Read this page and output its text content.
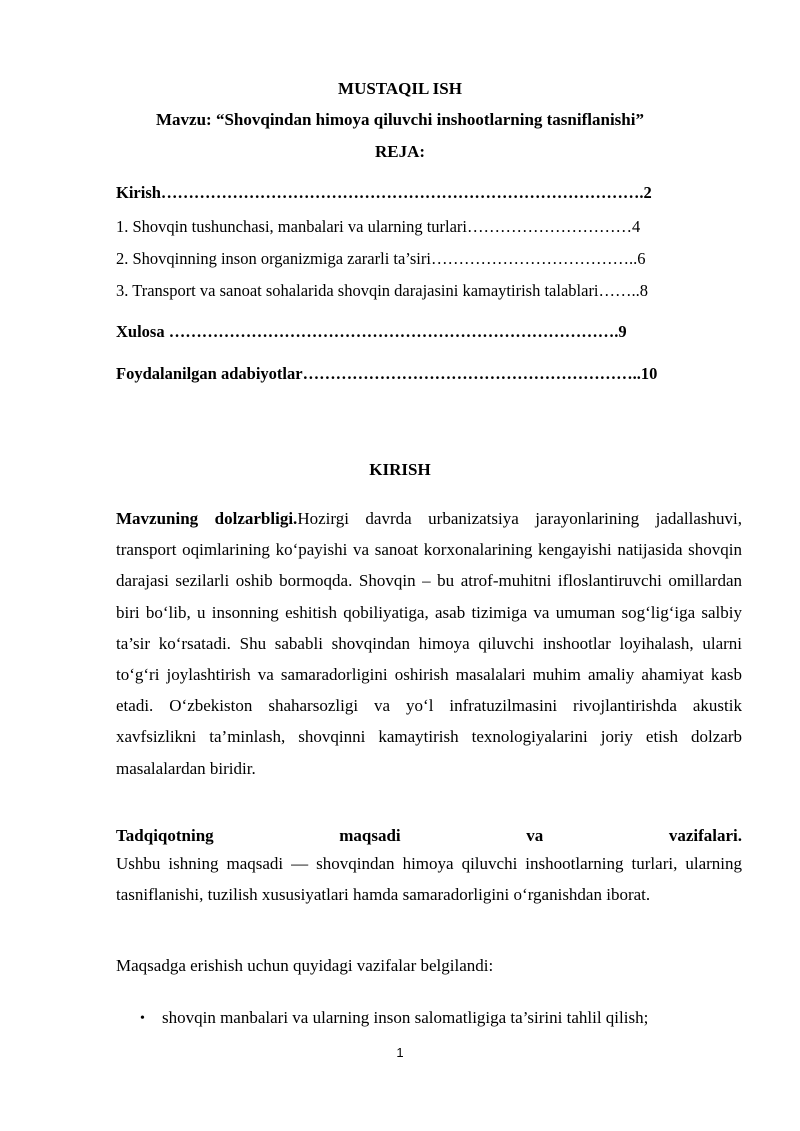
MUSTAQIL ISH
Mavzu: “Shovqindan himoya qiluvchi inshootlarning tasniflanishi”
REJA:
Kirish…………………………………………………………………………….2
1. Shovqin tushunchasi, manbalari va ularning turlari…………………………4
2. Shovqinning inson organizmiga zararli ta’siri………………………………..6
3. Transport va sanoat sohalarida shovqin darajasini kamaytirish talablari……..8
Xulosa ……………………………………………………………………….9
Foydalanilgan adabiyotlar……………………………………………………..10
KIRISH
Mavzuning dolzarbligi.Hozirgi davrda urbanizatsiya jarayonlarining jadallashuvi, transport oqimlarining ko‘payishi va sanoat korxonalarining kengayishi natijasida shovqin darajasi sezilarli oshib bormoqda. Shovqin – bu atrof-muhitni ifloslantiruvchi omillardan biri bo‘lib, u insonning eshitish qobiliyatiga, asab tizimiga va umuman sog‘lig‘iga salbiy ta’sir ko‘rsatadi. Shu sababli shovqindan himoya qiluvchi inshootlar loyihalash, ularni to‘g‘ri joylashtirish va samaradorligini oshirish masalalari muhim amaliy ahamiyat kasb etadi. O‘zbekiston shaharsozligi va yo‘l infratuzilmasini rivojlantirishda akustik xavfsizlikni ta’minlash, shovqinni kamaytirish texnologiyalarini joriy etish dolzarb masalalardan biridir.
Tadqiqotning maqsadi va vazifalari.
Ushbu ishning maqsadi — shovqindan himoya qiluvchi inshootlarning turlari, ularning tasniflanishi, tuzilish xususiyatlari hamda samaradorligini o‘rganishdan iborat.
Maqsadga erishish uchun quyidagi vazifalar belgilandi:
• shovqin manbalari va ularning inson salomatligiga ta’sirini tahlil qilish;
1
